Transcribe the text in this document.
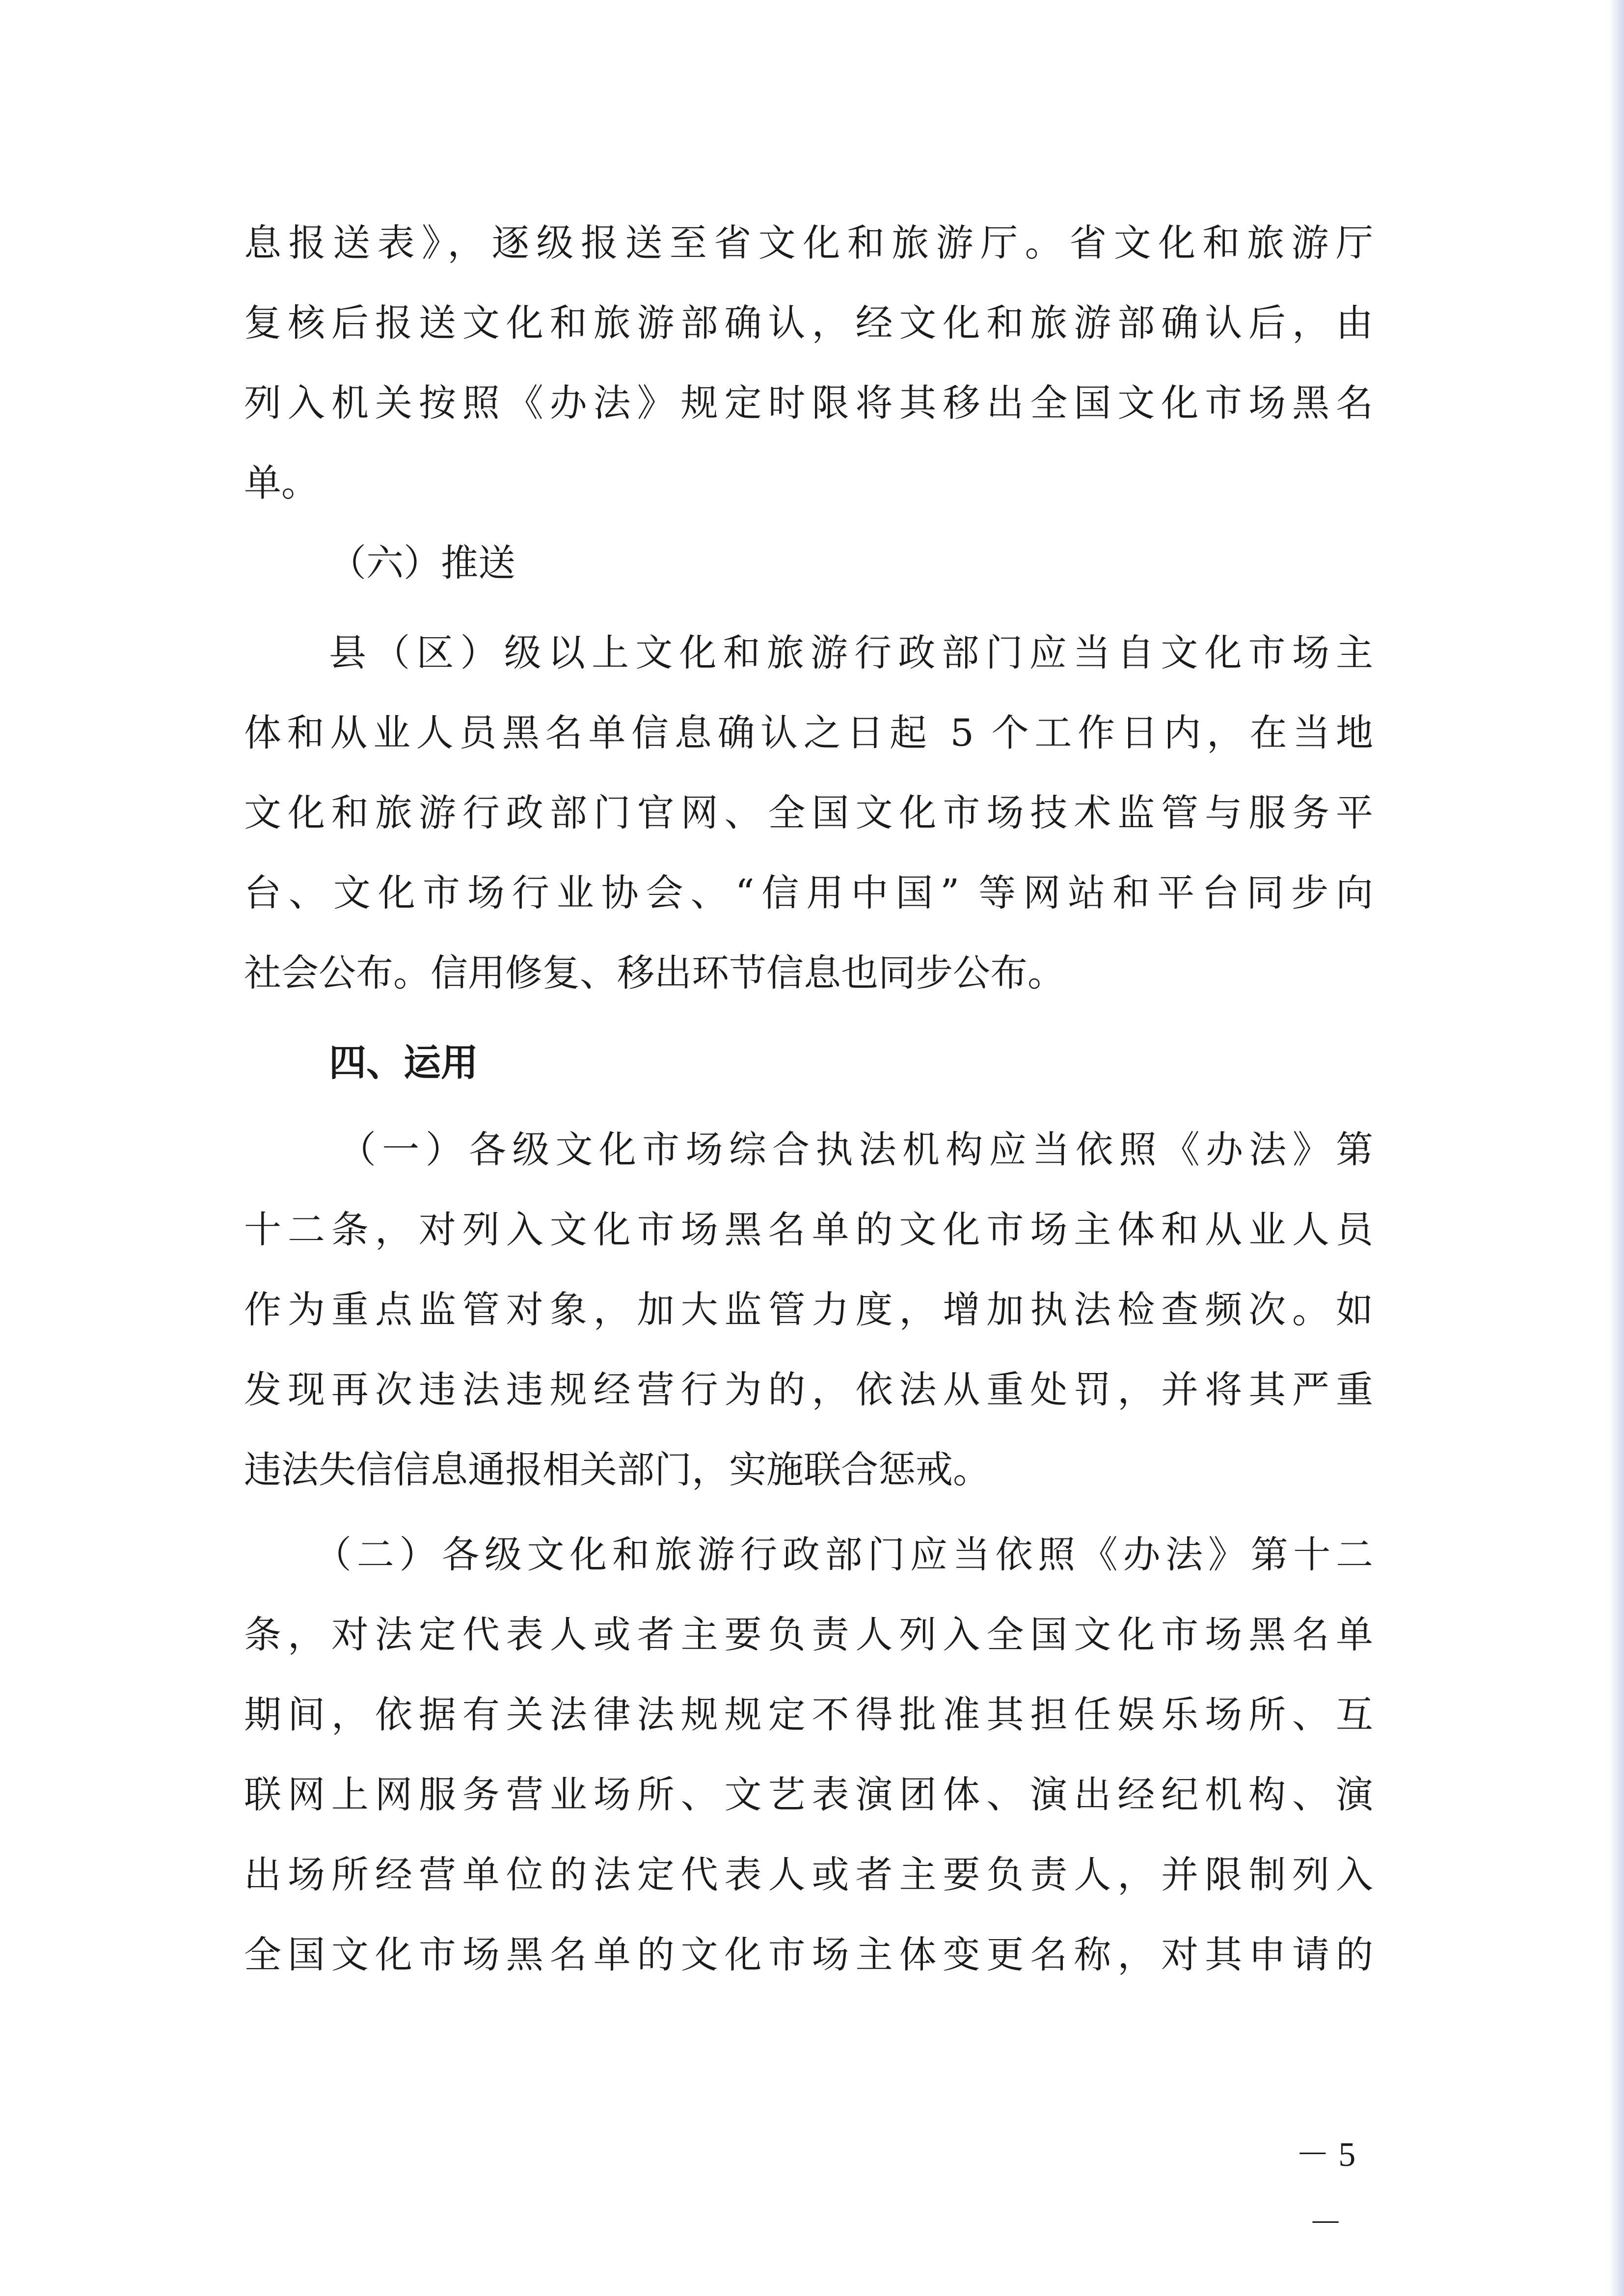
息报送表》，逐级报送至省文化和旅游厅。省文化和旅游厅
复核后报送文化和旅游部确认，经文化和旅游部确认后，由
列入机关按照《办法》规定时限将其移出全国文化市场黑名
单。
（六）推送
县（区）级以上文化和旅游行政部门应当自文化市场主
体和从业人员黑名单信息确认之日起 5 个工作日内，在当地
文化和旅游行政部门官网、全国文化市场技术监管与服务平
台、文化市场行业协会、“信用中国” 等网站和平台同步向
社会公布。信用修复、移出环节信息也同步公布。
四、运用
（一）各级文化市场综合执法机构应当依照《办法》第
十二条，对列入文化市场黑名单的文化市场主体和从业人员
作为重点监管对象，加大监管力度，增加执法检查频次。如
发现再次违法违规经营行为的，依法从重处罚，并将其严重
违法失信信息通报相关部门，实施联合惩戒。
（二）各级文化和旅游行政部门应当依照《办法》第十二
条，对法定代表人或者主要负责人列入全国文化市场黑名单
期间，依据有关法律法规规定不得批准其担任娱乐场所、互
联网上网服务营业场所、文艺表演团体、演出经纪机构、演
出场所经营单位的法定代表人或者主要负责人，并限制列入
全国文化市场黑名单的文化市场主体变更名称，对其申请的
－ 5 －
